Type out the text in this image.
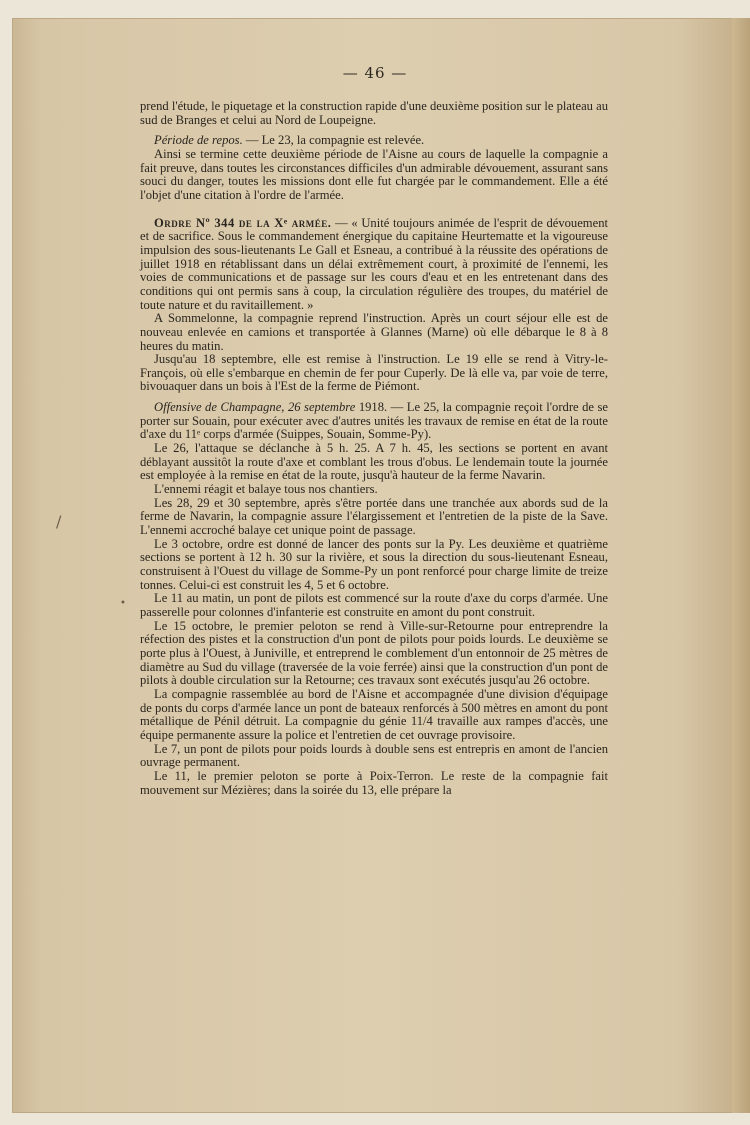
/
•
— 46 —

prend l'étude, le piquetage et la construction rapide d'une deuxième position sur le plateau au sud de Branges et celui au Nord de Loupeigne.

Période de repos. — Le 23, la compagnie est relevée.

Ainsi se termine cette deuxième période de l'Aisne au cours de laquelle la compagnie a fait preuve, dans toutes les circonstances difficiles d'un admirable dévouement, assurant sans souci du danger, toutes les missions dont elle fut chargée par le commandement. Elle a été l'objet d'une citation à l'ordre de l'armée.

Ordre Nº 344 de la Xᵉ armée. — « Unité toujours animée de l'esprit de dévouement et de sacrifice. Sous le commandement énergique du capitaine Heurtematte et la vigoureuse impulsion des sous-lieutenants Le Gall et Esneau, a contribué à la réussite des opérations de juillet 1918 en rétablissant dans un délai extrêmement court, à proximité de l'ennemi, les voies de communications et de passage sur les cours d'eau et en les entretenant dans des conditions qui ont permis sans à coup, la circulation régulière des troupes, du matériel de toute nature et du ravitaillement. »

A Sommelonne, la compagnie reprend l'instruction. Après un court séjour elle est de nouveau enlevée en camions et transportée à Glannes (Marne) où elle débarque le 8 à 8 heures du matin.

Jusqu'au 18 septembre, elle est remise à l'instruction. Le 19 elle se rend à Vitry-le-François, où elle s'embarque en chemin de fer pour Cuperly. De là elle va, par voie de terre, bivouaquer dans un bois à l'Est de la ferme de Piémont.

Offensive de Champagne, 26 septembre 1918. — Le 25, la compagnie reçoit l'ordre de se porter sur Souain, pour exécuter avec d'autres unités les travaux de remise en état de la route d'axe du 11ᵉ corps d'armée (Suippes, Souain, Somme-Py).

Le 26, l'attaque se déclanche à 5 h. 25. A 7 h. 45, les sections se portent en avant déblayant aussitôt la route d'axe et comblant les trous d'obus. Le lendemain toute la journée est employée à la remise en état de la route, jusqu'à hauteur de la ferme Navarin.

L'ennemi réagit et balaye tous nos chantiers.

Les 28, 29 et 30 septembre, après s'être portée dans une tranchée aux abords sud de la ferme de Navarin, la compagnie assure l'élargissement et l'entretien de la piste de la Save. L'ennemi accroché balaye cet unique point de passage.

Le 3 octobre, ordre est donné de lancer des ponts sur la Py. Les deuxième et quatrième sections se portent à 12 h. 30 sur la rivière, et sous la direction du sous-lieutenant Esneau, construisent à l'Ouest du village de Somme-Py un pont renforcé pour charge limite de treize tonnes. Celui-ci est construit les 4, 5 et 6 octobre.

Le 11 au matin, un pont de pilots est commencé sur la route d'axe du corps d'armée. Une passerelle pour colonnes d'infanterie est construite en amont du pont construit.

Le 15 octobre, le premier peloton se rend à Ville-sur-Retourne pour entreprendre la réfection des pistes et la construction d'un pont de pilots pour poids lourds. Le deuxième se porte plus à l'Ouest, à Juniville, et entreprend le comblement d'un entonnoir de 25 mètres de diamètre au Sud du village (traversée de la voie ferrée) ainsi que la construction d'un pont de pilots à double circulation sur la Retourne; ces travaux sont exécutés jusqu'au 26 octobre.

La compagnie rassemblée au bord de l'Aisne et accompagnée d'une division d'équipage de ponts du corps d'armée lance un pont de bateaux renforcés à 500 mètres en amont du pont métallique de Pénil détruit. La compagnie du génie 11/4 travaille aux rampes d'accès, une équipe permanente assure la police et l'entretien de cet ouvrage provisoire.

Le 7, un pont de pilots pour poids lourds à double sens est entrepris en amont de l'ancien ouvrage permanent.

Le 11, le premier peloton se porte à Poix-Terron. Le reste de la compagnie fait mouvement sur Mézières; dans la soirée du 13, elle prépare la
